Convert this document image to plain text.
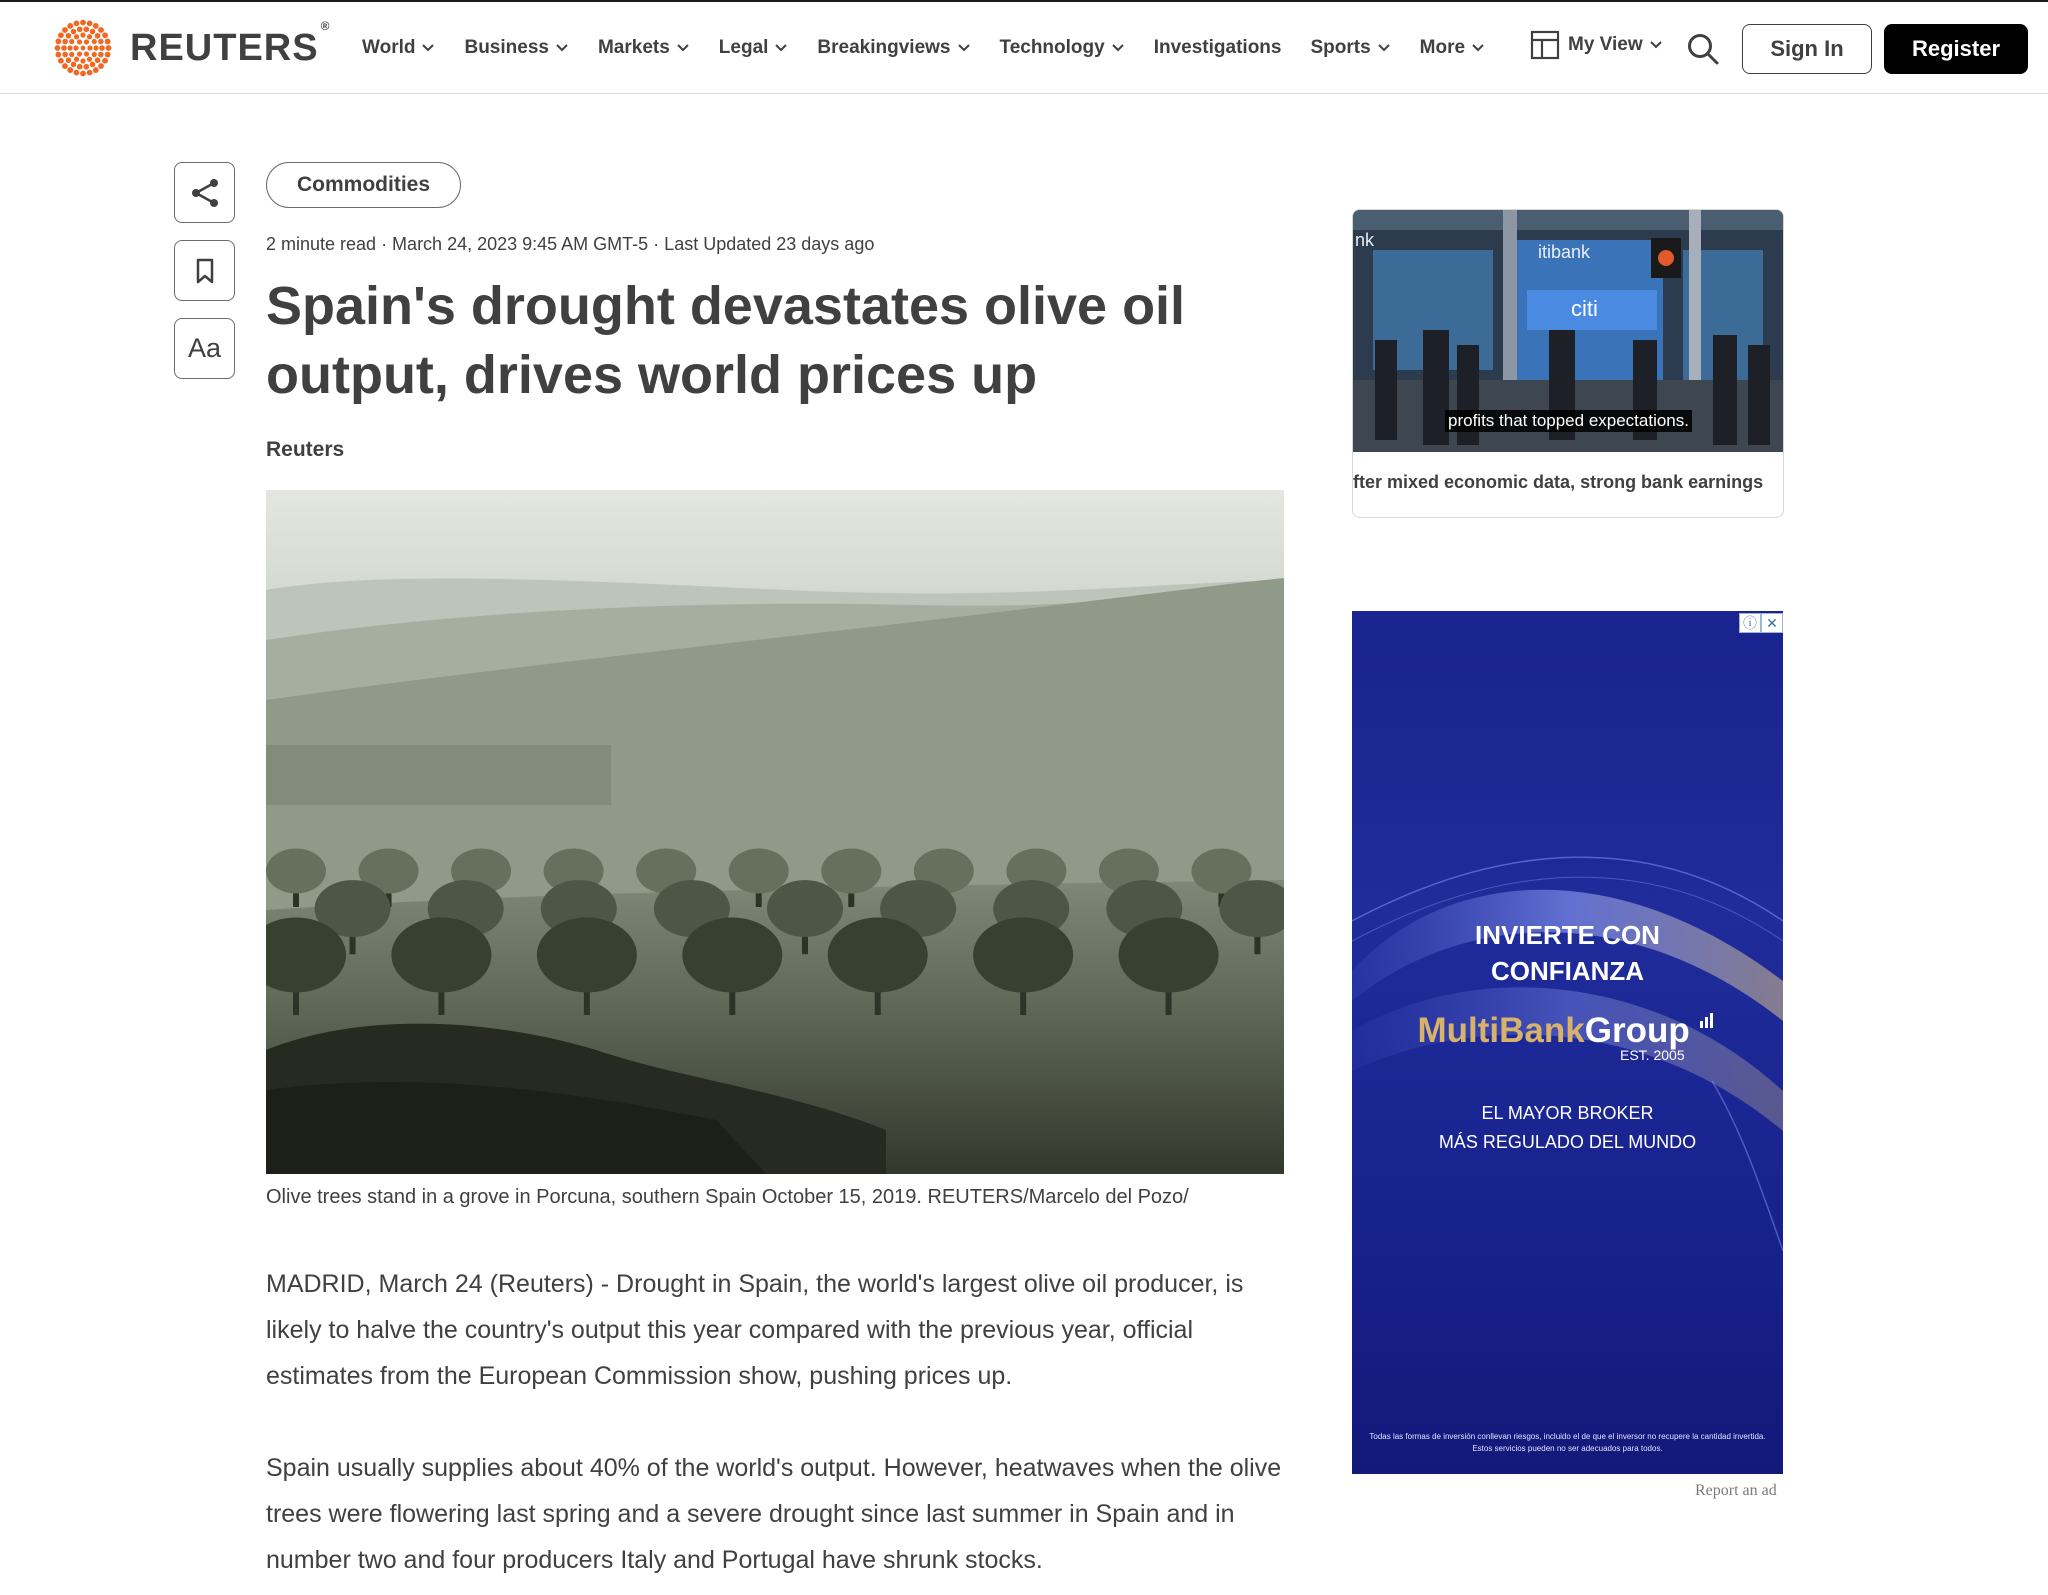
REUTERS®
World	Business	Markets	Legal	Breakingviews	Technology	Investigations Sports	More	My View	Sign In	Register
Aa
Commodities
2 minute read · March 24, 2023 9:45 AM GMT-5 · Last Updated 23 days ago
Spain's drought devastates olive oil output, drives world prices up
Reuters
Olive trees stand in a grove in Porcuna, southern Spain October 15, 2019. REUTERS/Marcelo del Pozo/

MADRID, March 24 (Reuters) - Drought in Spain, the world's largest olive oil producer, is likely to halve the country's output this year compared with the previous year, official estimates from the European Commission show, pushing prices up.

Spain usually supplies about 40% of the world's output. However, heatwaves when the olive trees were flowering last spring and a severe drought since last summer in Spain and in number two and four producers Italy and Portugal have shrunk stocks.

itibank
citi
nk
profits that topped expectations.
fter mixed economic data, strong bank earnings
ⓘ ✕
INVIERTE CON
CONFIANZA
MultiBankGroup
EST. 2005
EL MAYOR BROKER
MÁS REGULADO DEL MUNDO
Todas las formas de inversión conllevan riesgos, incluido el de que el inversor no recupere la cantidad invertida. Estos servicios pueden no ser adecuados para todos.
Report an ad
